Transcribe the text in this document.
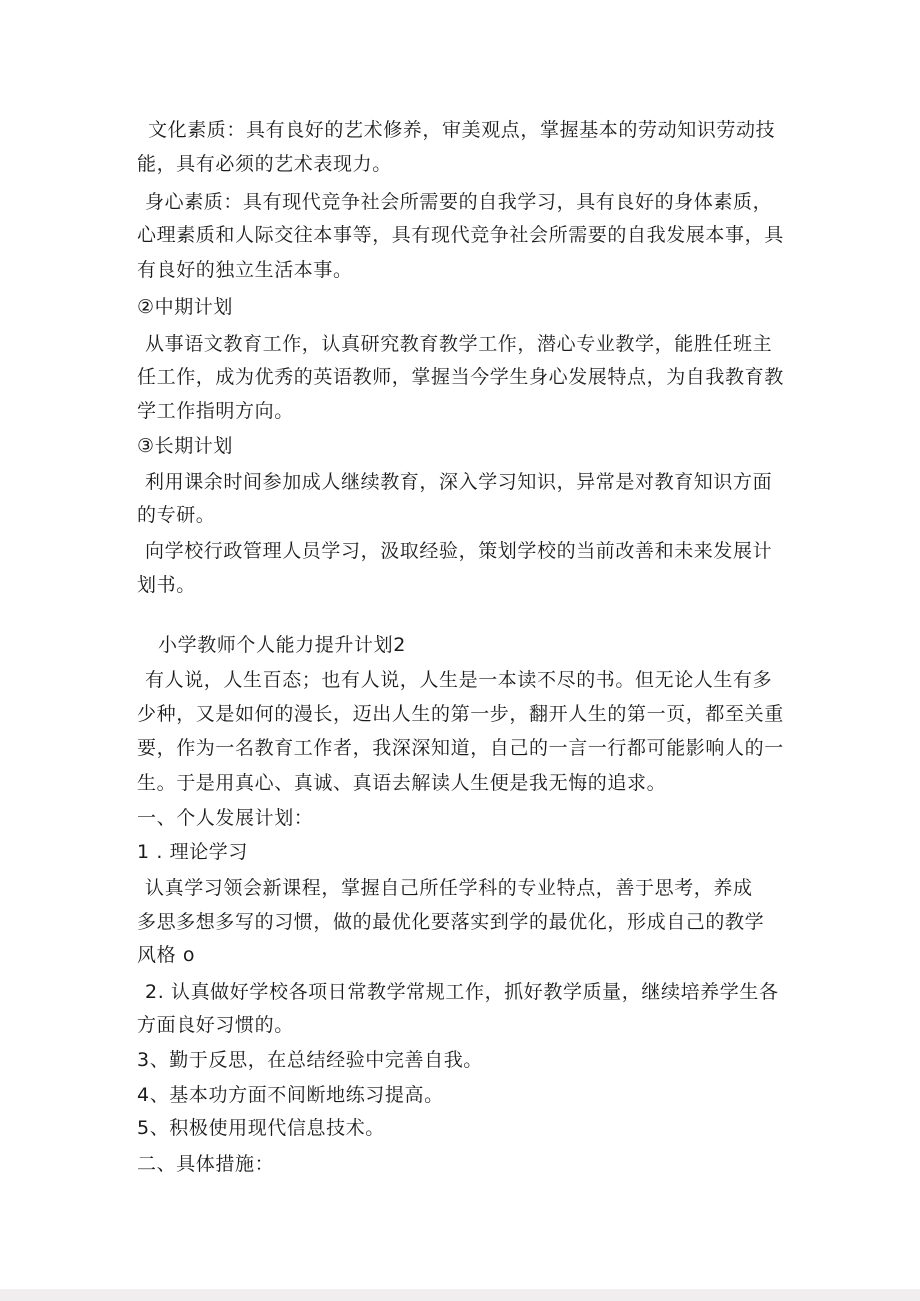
文化素质：具有良好的艺术修养，审美观点，掌握基本的劳动知识劳动技
能，具有必须的艺术表现力。
身心素质：具有现代竞争社会所需要的自我学习，具有良好的身体素质，
心理素质和人际交往本事等，具有现代竞争社会所需要的自我发展本事，具
有良好的独立生活本事。
②中期计划
从事语文教育工作，认真研究教育教学工作，潜心专业教学，能胜任班主
任工作，成为优秀的英语教师，掌握当今学生身心发展特点，为自我教育教
学工作指明方向。
③长期计划
利用课余时间参加成人继续教育，深入学习知识，异常是对教育知识方面
的专研。
向学校行政管理人员学习，汲取经验，策划学校的当前改善和未来发展计
划书。
小学教师个人能力提升计划2
有人说，人生百态；也有人说，人生是一本读不尽的书。但无论人生有多
少种，又是如何的漫长，迈出人生的第一步，翻开人生的第一页，都至关重
要，作为一名教育工作者，我深深知道，自己的一言一行都可能影响人的一
生。于是用真心、真诚、真语去解读人生便是我无悔的追求。
一、个人发展计划：
1 . 理论学习
认真学习领会新课程，掌握自己所任学科的专业特点，善于思考，养成
多思多想多写的习惯，做的最优化要落实到学的最优化，形成自己的教学
风格 o
2. 认真做好学校各项日常教学常规工作，抓好教学质量，继续培养学生各
方面良好习惯的。
3、勤于反思，在总结经验中完善自我。
4、基本功方面不间断地练习提高。
5、积极使用现代信息技术。
二、具体措施：
